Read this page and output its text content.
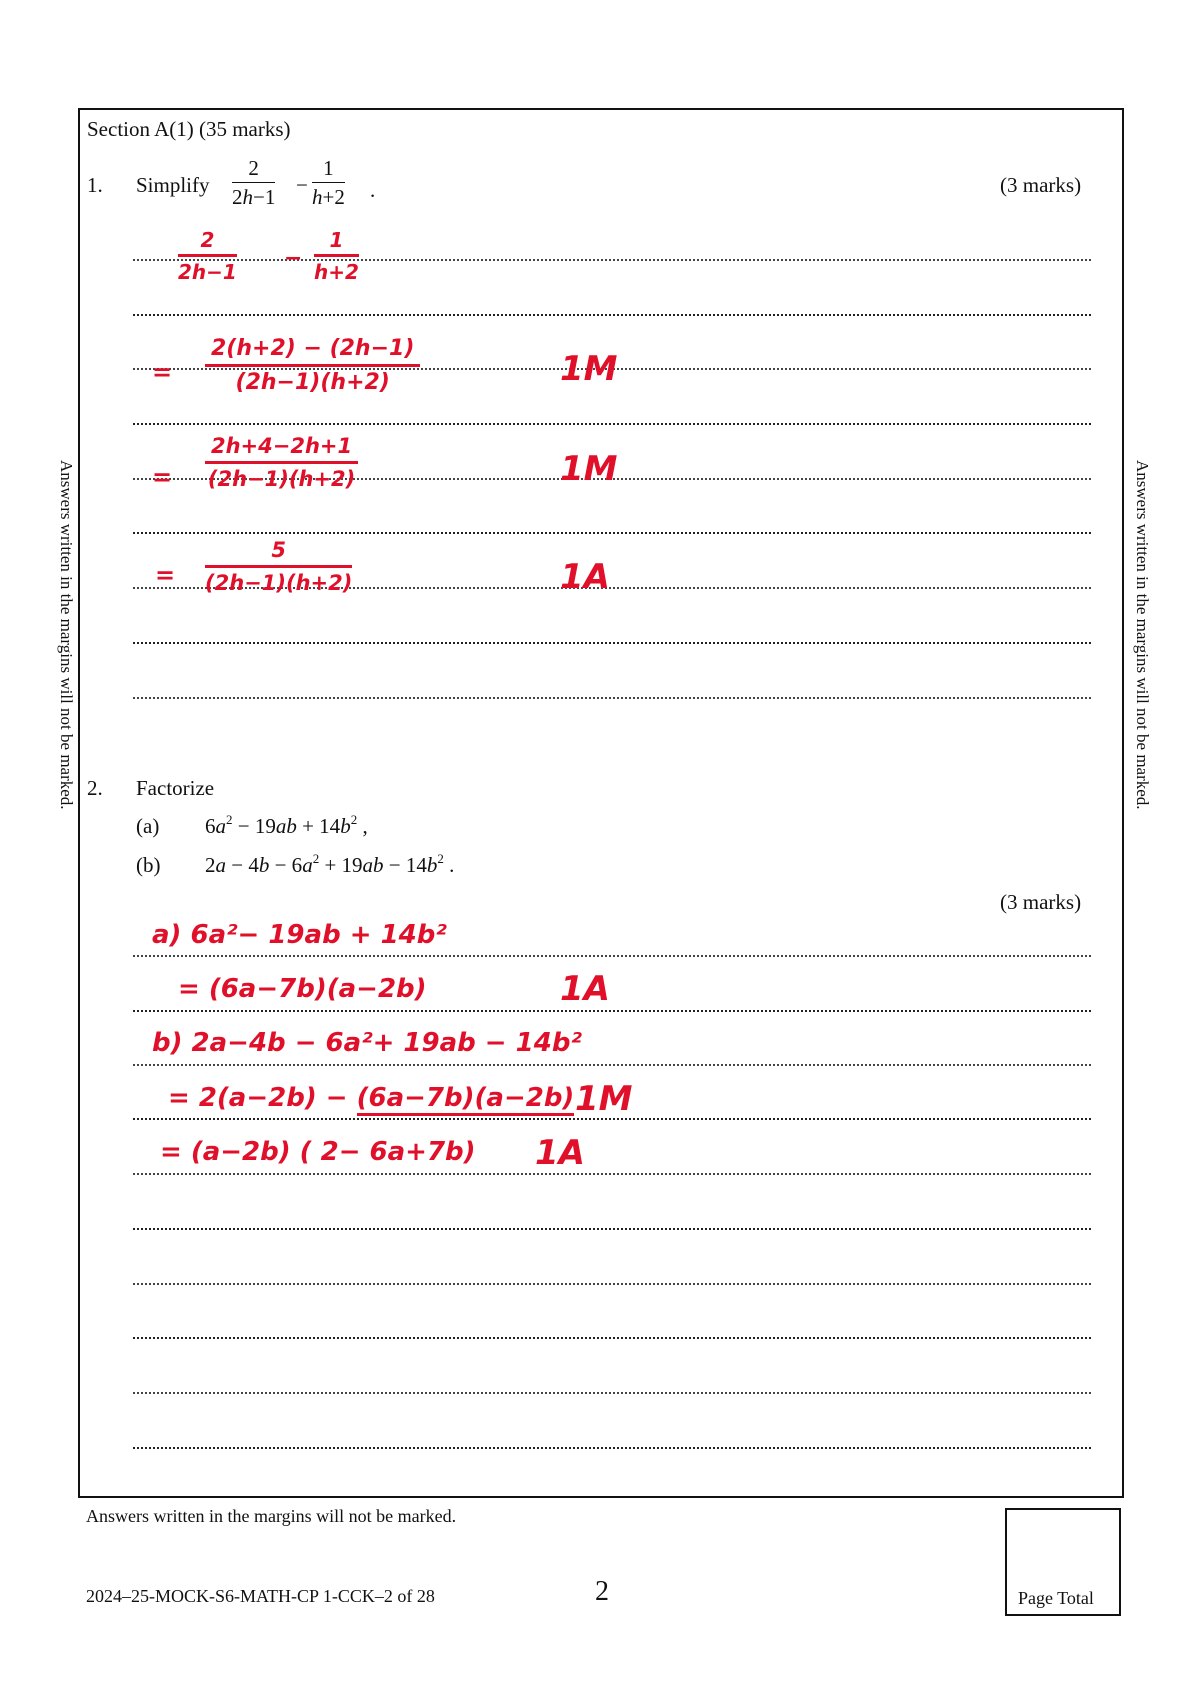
Answers written in the margins will not be marked.	Answers written in the margins will not be marked.
Section A(1) (35 marks)
1. Simplify $\frac{2}{2h-1} - \frac{1}{h+2}$ .	(3 marks)
2
2h−1
−
1
h+2
=
2(h+2) − (2h−1)
(2h−1)(h+2)	1M
=
2h+4−2h+1
(2h−1)(h+2)	1M
=
5
(2h−1)(h+2)	1A
2. Factorize
(a) $6a^2 - 19ab + 14b^2$ ,
(b) $2a - 4b - 6a^2 + 19ab - 14b^2$ .
(3 marks)
a) 6a²− 19ab + 14b²
= (6a−7b)(a−2b)	1A
b) 2a−4b − 6a²+ 19ab − 14b²
= 2(a−2b) − (6a−7b)(a−2b) 1M
= (a−2b) ( 2− 6a+7b) 1A
Answers written in the margins will not be marked.
2024–25-MOCK-S6-MATH-CP 1-CCK–2 of 28	2	Page Total
